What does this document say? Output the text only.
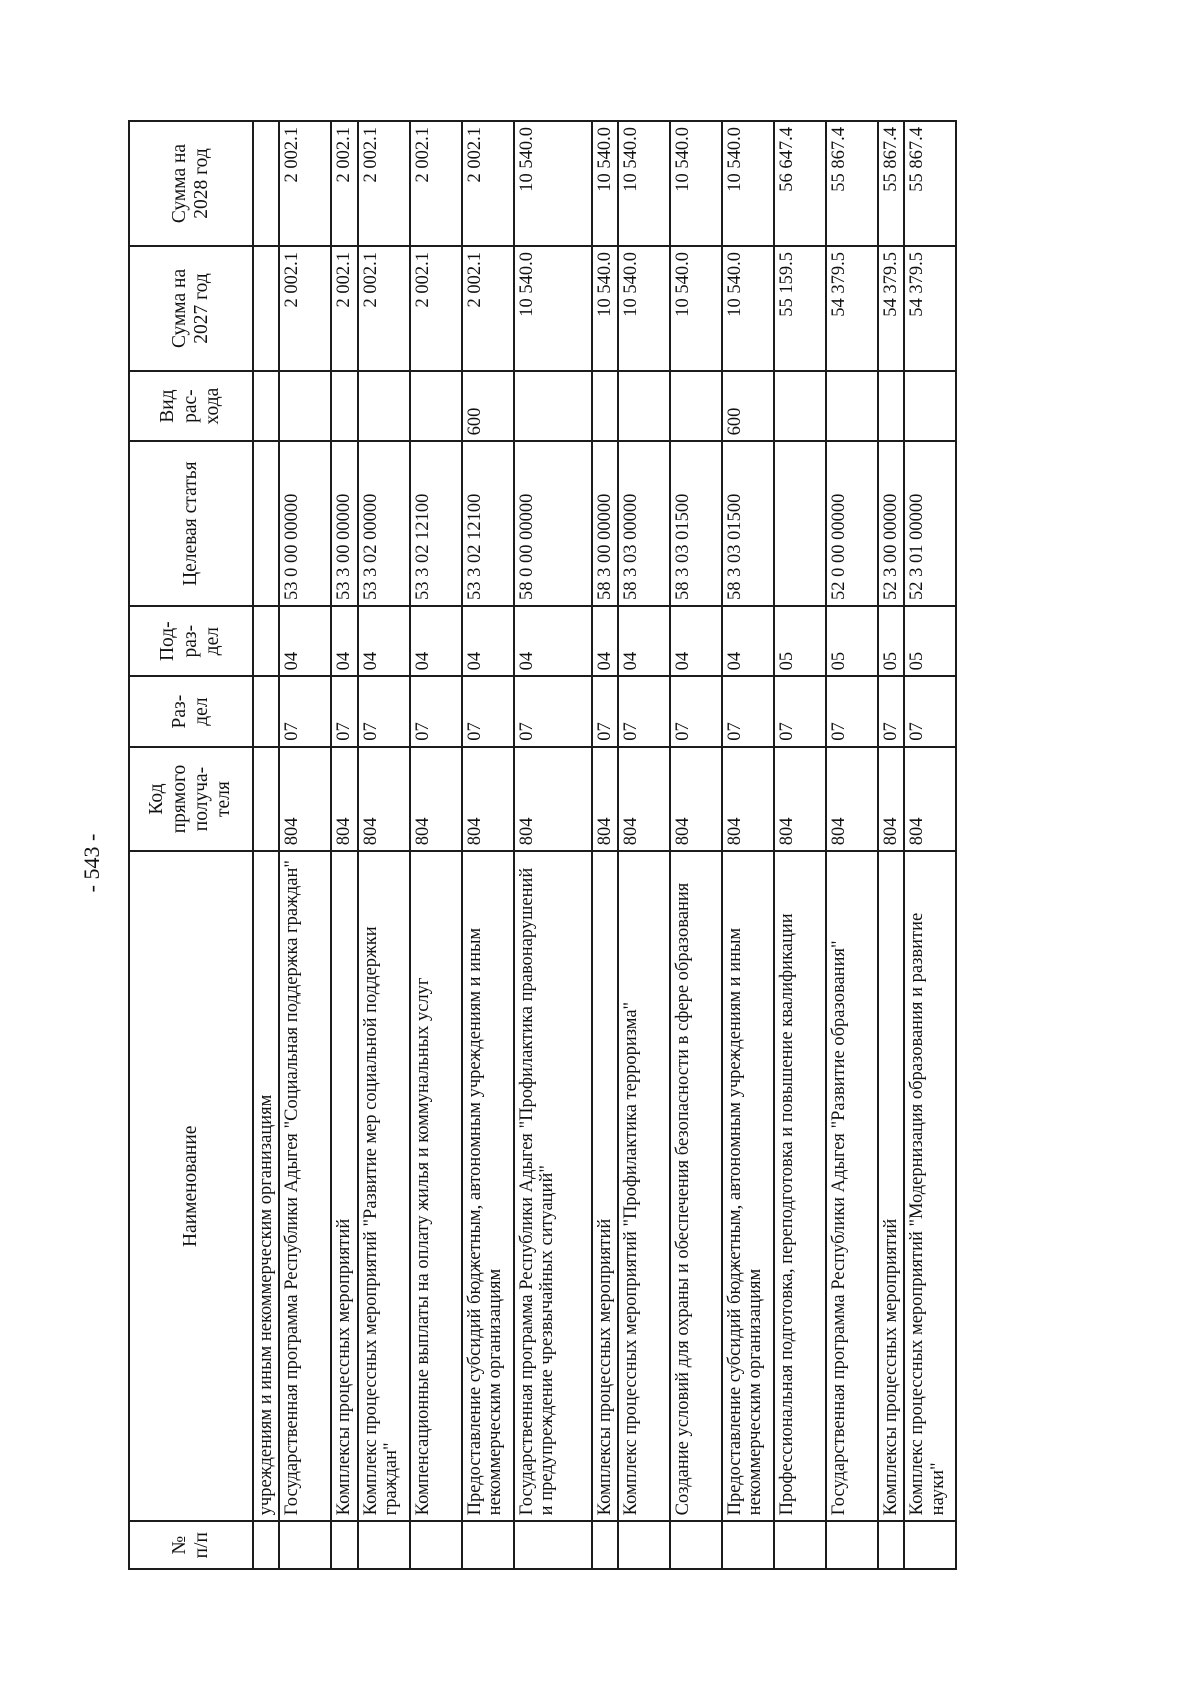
- 543 -
№ п/п	Наименование	Код прямого получа-теля	Раз-дел	Под-раз-дел	Целевая статья	Вид рас-хода	Сумма на 2027 год	Сумма на 2028 год
	учреждениям и иным некоммерческим организациям							
	Государственная программа Республики Адыгея "Социальная поддержка граждан"	804	07	04	53 0 00 00000		2 002.1	2 002.1
	Комплексы процессных мероприятий	804	07	04	53 3 00 00000		2 002.1	2 002.1
	Комплекс процессных мероприятий "Развитие мер социальной поддержки граждан"	804	07	04	53 3 02 00000		2 002.1	2 002.1
	Компенсационные выплаты на оплату жилья и коммунальных услуг	804	07	04	53 3 02 12100		2 002.1	2 002.1
	Предоставление субсидий бюджетным, автономным учреждениям и иным некоммерческим организациям	804	07	04	53 3 02 12100	600	2 002.1	2 002.1
	Государственная программа Республики Адыгея "Профилактика правонарушений и предупреждение чрезвычайных ситуаций"	804	07	04	58 0 00 00000		10 540.0	10 540.0
	Комплексы процессных мероприятий	804	07	04	58 3 00 00000		10 540.0	10 540.0
	Комплекс процессных мероприятий "Профилактика терроризма"	804	07	04	58 3 03 00000		10 540.0	10 540.0
	Создание условий для охраны и обеспечения безопасности в сфере образования	804	07	04	58 3 03 01500		10 540.0	10 540.0
	Предоставление субсидий бюджетным, автономным учреждениям и иным некоммерческим организациям	804	07	04	58 3 03 01500	600	10 540.0	10 540.0
	Профессиональная подготовка, переподготовка и повышение квалификации	804	07	05			55 159.5	56 647.4
	Государственная программа Республики Адыгея "Развитие образования"	804	07	05	52 0 00 00000		54 379.5	55 867.4
	Комплексы процессных мероприятий	804	07	05	52 3 00 00000		54 379.5	55 867.4
	Комплекс процессных мероприятий "Модернизация образования и развитие науки"	804	07	05	52 3 01 00000		54 379.5	55 867.4
